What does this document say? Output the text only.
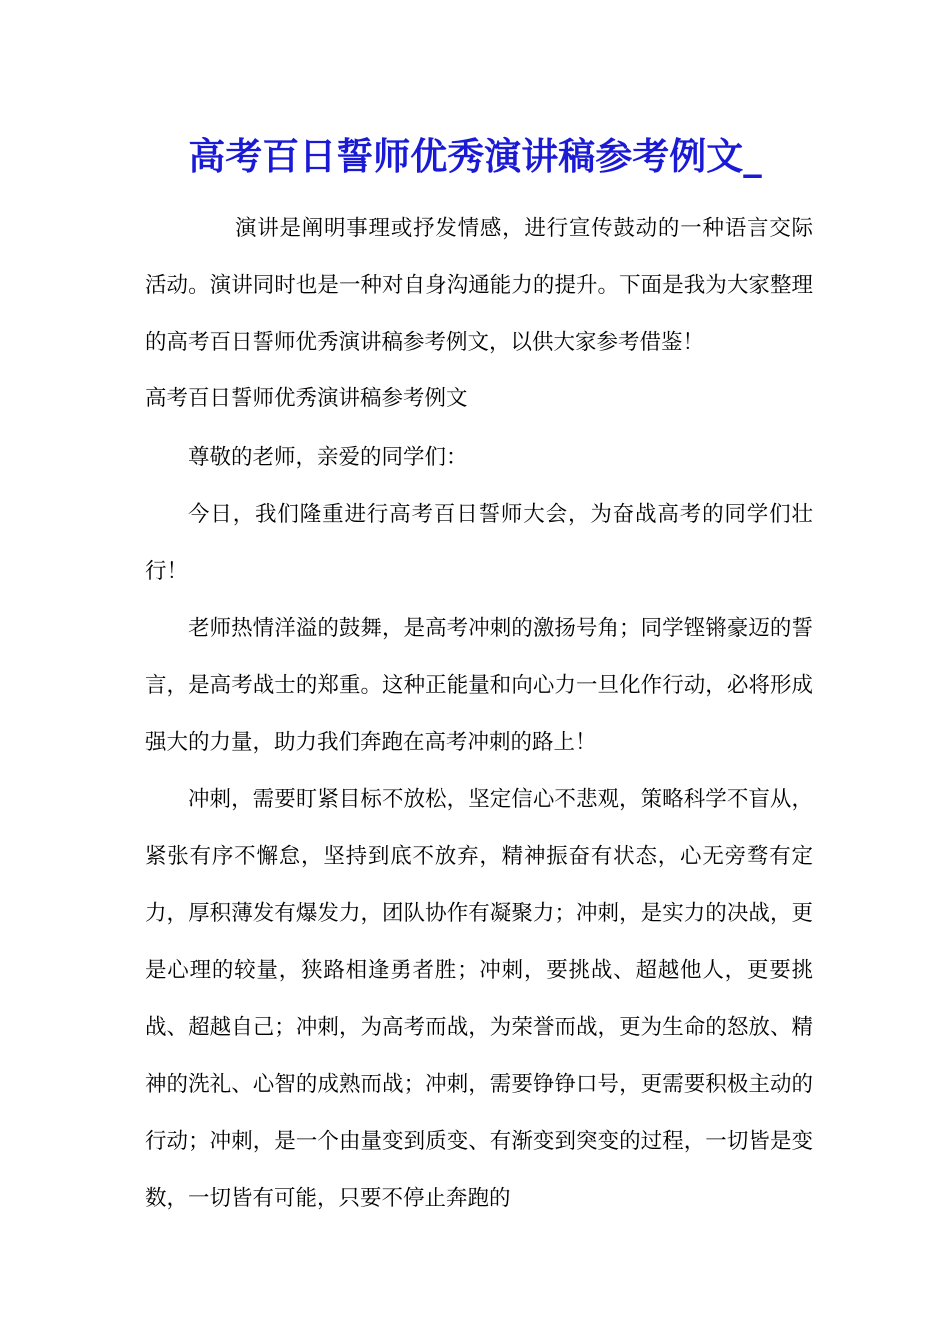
高考百日誓师优秀演讲稿参考例文_

演讲是阐明事理或抒发情感，进行宣传鼓动的一种语言交际活动。演讲同时也是一种对自身沟通能力的提升。下面是我为大家整理的高考百日誓师优秀演讲稿参考例文，以供大家参考借鉴！

高考百日誓师优秀演讲稿参考例文

尊敬的老师，亲爱的同学们：

今日，我们隆重进行高考百日誓师大会，为奋战高考的同学们壮行！

老师热情洋溢的鼓舞，是高考冲刺的激扬号角；同学铿锵豪迈的誓言，是高考战士的郑重。这种正能量和向心力一旦化作行动，必将形成强大的力量，助力我们奔跑在高考冲刺的路上！

冲刺，需要盯紧目标不放松，坚定信心不悲观，策略科学不盲从，紧张有序不懈怠，坚持到底不放弃，精神振奋有状态，心无旁骛有定力，厚积薄发有爆发力，团队协作有凝聚力；冲刺，是实力的决战，更是心理的较量，狭路相逢勇者胜；冲刺，要挑战、超越他人，更要挑战、超越自己；冲刺，为高考而战，为荣誉而战，更为生命的怒放、精神的洗礼、心智的成熟而战；冲刺，需要铮铮口号，更需要积极主动的行动；冲刺，是一个由量变到质变、有渐变到突变的过程，一切皆是变数，一切皆有可能，只要不停止奔跑的
